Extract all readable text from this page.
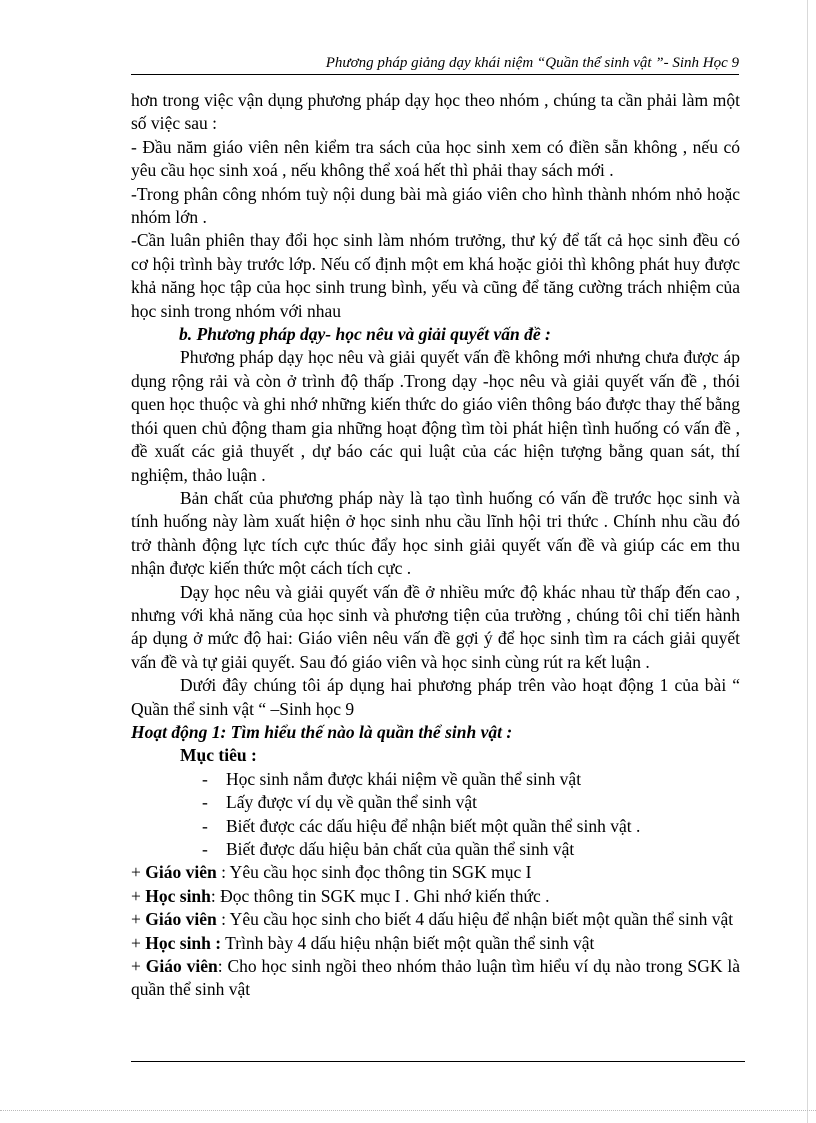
Phương pháp giảng dạy khái niệm “Quần thể sinh vật ”- Sinh Học 9

hơn trong việc vận dụng phương pháp dạy học theo nhóm , chúng ta cần phải làm một số việc sau :

- Đầu năm giáo viên nên kiểm tra sách của học sinh xem có điền sẵn không , nếu có yêu cầu học sinh xoá , nếu không thể xoá hết thì phải thay sách mới .

-Trong phân công nhóm tuỳ nội dung bài mà giáo viên cho hình thành nhóm nhỏ hoặc nhóm lớn .

-Cần luân phiên thay đổi học sinh làm nhóm trưởng, thư ký để tất cả học sinh đều có cơ hội trình bày trước lớp. Nếu cố định một em khá hoặc giỏi thì không phát huy được khả năng học tập của học sinh trung bình, yếu và cũng để tăng cường trách nhiệm của học sinh trong nhóm với nhau

b. Phương pháp dạy- học nêu và giải quyết vấn đề :

Phương pháp dạy học nêu và giải quyết vấn đề không mới nhưng chưa được áp dụng rộng rải và còn ở trình độ thấp .Trong dạy -học nêu và giải quyết vấn đề , thói quen học thuộc và ghi nhớ những kiến thức do giáo viên thông báo được thay thế bằng thói quen chủ động tham gia những hoạt động tìm tòi phát hiện tình huống có vấn đề , đề xuất các giả thuyết , dự báo các qui luật của các hiện tượng bằng quan sát, thí nghiệm, thảo luận .

Bản chất của phương pháp này là tạo tình huống có vấn đề trước học sinh và tính huống này làm xuất hiện ở học sinh nhu cầu lĩnh hội tri thức . Chính nhu cầu đó trở thành động lực tích cực thúc đẩy học sinh giải quyết vấn đề và giúp các em thu nhận được kiến thức một cách tích cực .

Dạy học nêu và giải quyết vấn đề ở nhiều mức độ khác nhau từ thấp đến cao , nhưng với khả năng của học sinh và phương tiện của trường , chúng tôi chỉ tiến hành áp dụng ở mức độ hai: Giáo viên nêu vấn đề gợi ý để học sinh tìm ra cách giải quyết vấn đề và tự giải quyết. Sau đó giáo viên và học sinh cùng rút ra kết luận .

Dưới đây chúng tôi áp dụng hai phương pháp trên vào hoạt động 1 của bài “ Quần thể sinh vật “ –Sinh học 9

Hoạt động 1: Tìm hiểu thế nào là quần thể sinh vật :

Mục tiêu :

- Học sinh nắm được khái niệm về quần thể sinh vật
- Lấy được ví dụ về quần thể sinh vật
- Biết được các dấu hiệu để nhận biết một quần thể sinh vật .
- Biết được dấu hiệu bản chất của quần thể sinh vật

+ Giáo viên : Yêu cầu học sinh đọc thông tin SGK mục I

+ Học sinh: Đọc thông tin SGK mục I . Ghi nhớ kiến thức .

+ Giáo viên : Yêu cầu học sinh cho biết 4 dấu hiệu để nhận biết một quần thể sinh vật

+ Học sinh : Trình bày 4 dấu hiệu nhận biết một quần thể sinh vật

+ Giáo viên: Cho học sinh ngồi theo nhóm thảo luận tìm hiểu ví dụ nào trong SGK là quần thể sinh vật
